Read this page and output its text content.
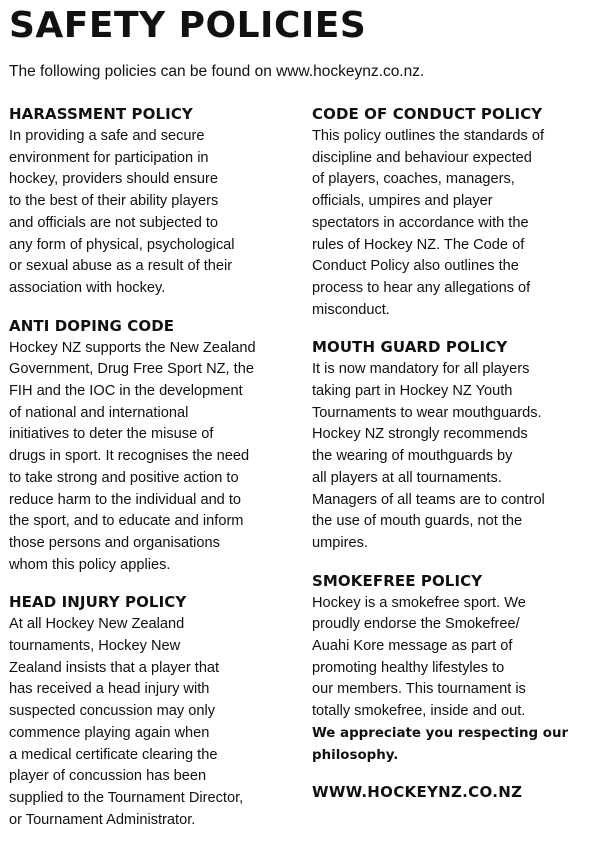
SAFETY POLICIES

The following policies can be found on www.hockeynz.co.nz.

HARASSMENT POLICY
In providing a safe and secure
environment for participation in
hockey, providers should ensure
to the best of their ability players
and officials are not subjected to
any form of physical, psychological
or sexual abuse as a result of their
association with hockey.
ANTI DOPING CODE
Hockey NZ supports the New Zealand
Government, Drug Free Sport NZ, the
FIH and the IOC in the development
of national and international
initiatives to deter the misuse of
drugs in sport. It recognises the need
to take strong and positive action to
reduce harm to the individual and to
the sport, and to educate and inform
those persons and organisations
whom this policy applies.
HEAD INJURY POLICY
At all Hockey New Zealand
tournaments, Hockey New
Zealand insists that a player that
has received a head injury with
suspected concussion may only
commence playing again when
a medical certificate clearing the
player of concussion has been
supplied to the Tournament Director,
or Tournament Administrator.
CODE OF CONDUCT POLICY
This policy outlines the standards of
discipline and behaviour expected
of players, coaches, managers,
officials, umpires and player
spectators in accordance with the
rules of Hockey NZ. The Code of
Conduct Policy also outlines the
process to hear any allegations of
misconduct.
MOUTH GUARD POLICY
It is now mandatory for all players
taking part in Hockey NZ Youth
Tournaments to wear mouthguards.
Hockey NZ strongly recommends
the wearing of mouthguards by
all players at all tournaments.
Managers of all teams are to control
the use of mouth guards, not the
umpires.
SMOKEFREE POLICY
Hockey is a smokefree sport. We
proudly endorse the Smokefree/
Auahi Kore message as part of
promoting healthy lifestyles to
our members. This tournament is
totally smokefree, inside and out.
We appreciate you respecting our
philosophy.
WWW.HOCKEYNZ.CO.NZ
